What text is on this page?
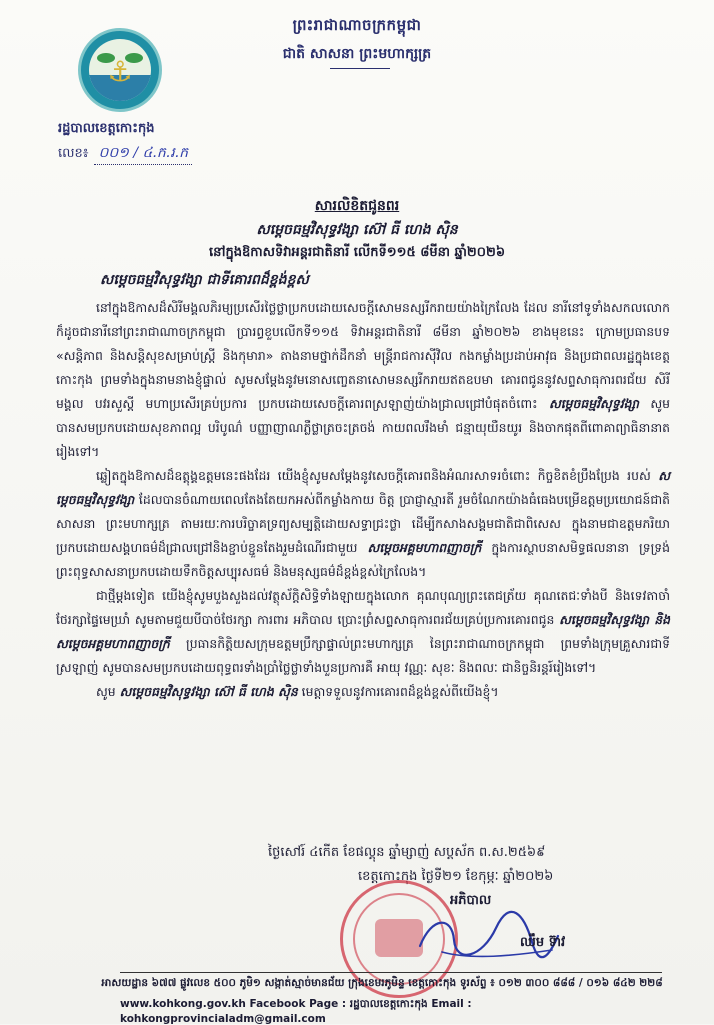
⚓
ព្រះរាជាណាចក្រកម្ពុជា
ជាតិ សាសនា ព្រះមហាក្សត្រ
រដ្ឋបាលខេត្តកោះកុង
លេខ៖ ០០១ / ៤.ក.រ.ក
សារលិខិតជូនពរ
សម្តេចធម្មវិសុទ្ធវង្សា ស៊ៅ ធី ហេង ស៊ិន
នៅក្នុងឱកាសទិវាអន្តរជាតិនារី លើកទី១១៥ ៨មីនា ឆ្នាំ២០២៦
សម្តេចធម្មវិសុទ្ធវង្សា ជាទីគោរពដ៏ខ្ពង់ខ្ពស់

នៅក្នុងឱកាសដ៏សិរីមង្គលភិរម្យប្រសើរថ្លៃថ្លាប្រកបដោយសេចក្តីសោមនស្សរីករាយយ៉ាងក្រៃលែង ដែល នារីនៅទូទាំងសកលលោកក៏ដូចជានារីនៅព្រះរាជាណាចក្រកម្ពុជា ប្រារព្ធខួបលើកទី១១៥ ទិវាអន្តរជាតិនារី ៨មីនា ឆ្នាំ២០២៦ ខាងមុខនេះ ក្រោមប្រធានបទ «សន្តិភាព និងសន្តិសុខសម្រាប់ស្ត្រី និងកុមារា» តាងនាមថ្នាក់ដឹកនាំ មន្ត្រីរាជការស៊ីវិល កងកម្លាំងប្រដាប់អាវុធ និងប្រជាពលរដ្ឋក្នុងខេត្តកោះកុង ព្រមទាំងក្នុងនាមនាងខ្ញុំផ្ទាល់ សូមសម្តែងនូវមនោសញ្ចេតនាសោមនស្សរីករាយឥតឧបមា គោរពជូននូវសព្ទសាធុការពរជ័យ សិរីមង្គល បវរសួស្តី មហាប្រសើរគ្រប់ប្រការ ប្រកបដោយសេចក្តីគោរពស្រឡាញ់យ៉ាងជ្រាលជ្រៅបំផុតចំពោះ សម្តេចធម្មវិសុទ្ធវង្សា សូមបានសមប្រកបដោយសុខភាពល្អ បរិបូណ៌ បញ្ញាញាណភ្លឺថ្លាត្រចះត្រចង់ កាយពលរឹងមាំ ជន្មាយុយឺនយូរ និងចាកផុតពីពោគាព្យាធិនានាតរៀងទៅ។

ឆ្លៀតក្នុងឱកាសដ៏ឧត្តុង្គឧត្តមនេះផងដែរ យើងខ្ញុំសូមសម្តែងនូវសេចក្តីគោរពនិងអំណរសាទរចំពោះ កិច្ចខិតខំប្រឹងប្រែង របស់ សម្តេចធម្មវិសុទ្ធវង្សា ដែលបានចំណាយពេលតែងតែយកអស់ពីកម្លាំងកាយ ចិត្ត ប្រាជ្ញាស្មារតី រួមចំណែកយ៉ាងធំធេងបម្រើឧត្តមប្រយោជន៍ជាតិ សាសនា ព្រះមហាក្សត្រ តាមរយៈការបរិច្ចាគទ្រព្យសម្បត្តិដោយសទ្ធាជ្រះថ្លា ដើម្បីកសាងសង្គមជាតិជាពិសេស ក្នុងនាមជាឧត្តមភរិយាប្រកបដោយសង្គហធម៌ដ៏ជ្រាលជ្រៅនិងខ្ជាប់ខ្ជួនតែងរួមដំណើរជាមួយ សម្តេចអគ្គមហាពញាចក្រី ក្នុងការស្ថាបនាសមិទ្ធផលនានា ទ្រទ្រង់ព្រះពុទ្ធសាសនាប្រកបដោយទឹកចិត្តសប្បុរសធម៌ និងមនុស្សធម៌ដ៏ខ្ពង់ខ្ពស់ក្រៃលែង។

ជាថ្មីម្តងទៀត យើងខ្ញុំសូមបួងសួងដល់វត្ថុស័ក្តិសិទ្ធិទាំងឡាយក្នុងលោក គុណបុណ្យព្រះតេជត្រ័យ គុណតេជៈទាំងបី និងទេវតាចាំថែរក្សាផ្ទៃមេឃ្រាំ សូមតាមជួយបីបាច់ថែរក្សា ការពារ អភិបាល ប្រោះព្រំសព្ទសាធុការពរជ័យគ្រប់ប្រការគោរពជូន សម្តេចធម្មវិសុទ្ធវង្សា និងសម្តេចអគ្គមហាពញាចក្រី ប្រធានកិត្តិយសក្រុមឧត្តមប្រឹក្សាផ្ទាល់ព្រះមហាក្សត្រ នៃព្រះរាជាណាចក្រកម្ពុជា ព្រមទាំងក្រុមគ្រួសារជាទីស្រឡាញ់ សូមបានសមប្រកបដោយពុទ្ធពរទាំងប្រាំថ្លៃថ្លាទាំងបួនប្រការគឺ អាយុ វណ្ណៈ សុខៈ និងពលៈ ជានិច្ចនិរន្តរ៍រៀងទៅ។

សូម សម្តេចធម្មវិសុទ្ធវង្សា ស៊ៅ ធី ហេង ស៊ិន មេត្តាទទួលនូវការគោរពដ៏ខ្ពង់ខ្ពស់ពីយើងខ្ញុំ។

ថ្ងៃសៅរ៍ ៤កើត ខែផល្គុន ឆ្នាំម្សាញ់ សប្តស័ក ព.ស.២៥៦៩
ខេត្តកោះកុង ថ្ងៃទី២១ ខែកុម្ភៈ ឆ្នាំ២០២៦
អភិបាល
ឈឹម ទ៊ាវ
អាសយដ្ឋាន ៦៧៧ ផ្លូវលេខ ៥០០ ភូមិ១ សង្កាត់ស្មាច់មានជ័យ ក្រុងខេមរភូមិន្ទ ខេត្តកោះកុង ទូរស័ព្ទ ៖ ០១២ ៣០០ ៨៨៨ / ០១៦ ៨៤២ ២២៨
www.kohkong.gov.kh Facebook Page : រដ្ឋបាលខេត្តកោះកុង Email : kohkongprovincialadm@gmail.com
